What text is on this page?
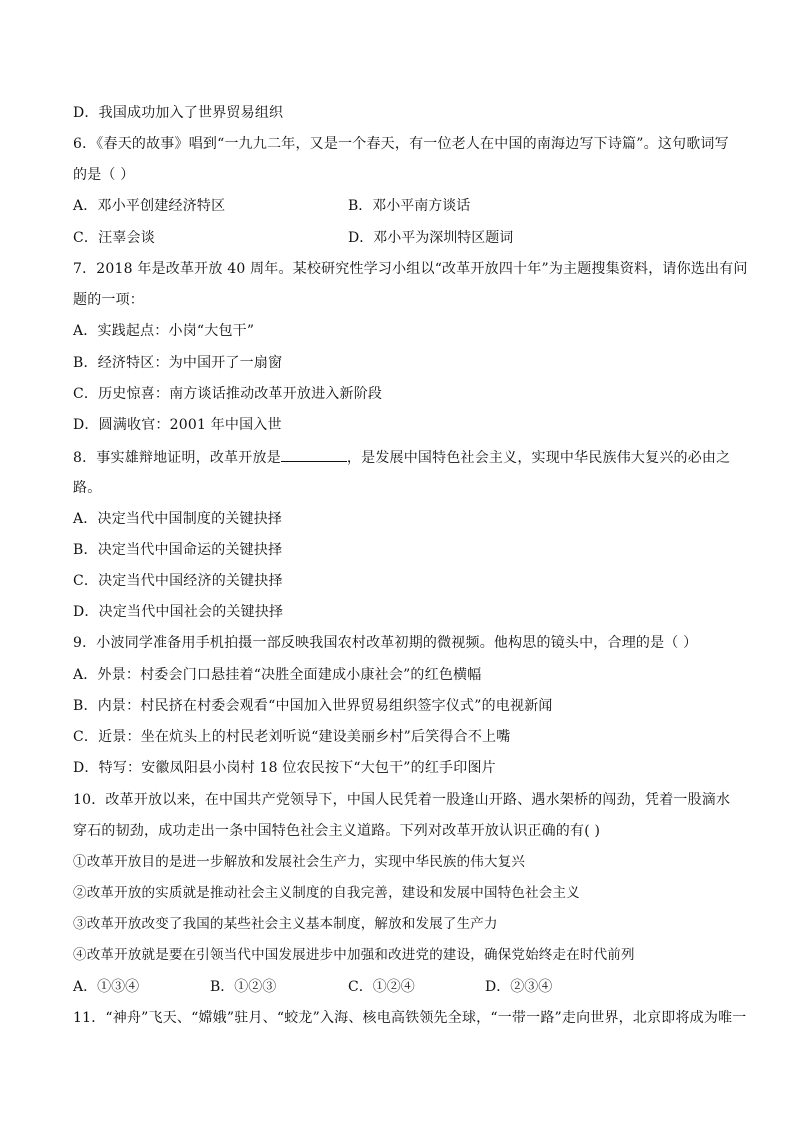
D．我国成功加入了世界贸易组织
6．《春天的故事》唱到“一九九二年，又是一个春天，有一位老人在中国的南海边写下诗篇”。这句歌词写
的是（ ）
A．邓小平创建经济特区	B．邓小平南方谈话
C．汪辜会谈	D．邓小平为深圳特区题词
7．2018 年是改革开放 40 周年。某校研究性学习小组以“改革开放四十年”为主题搜集资料，请你选出有问
题的一项：
A．实践起点：小岗“大包干”
B．经济特区：为中国开了一扇窗
C．历史惊喜：南方谈话推动改革开放进入新阶段
D．圆满收官：2001 年中国入世
8．事实雄辩地证明，改革开放是	，是发展中国特色社会主义，实现中华民族伟大复兴的必由之
路。
A．决定当代中国制度的关键抉择
B．决定当代中国命运的关键抉择
C．决定当代中国经济的关键抉择
D．决定当代中国社会的关键抉择
9．小波同学准备用手机拍摄一部反映我国农村改革初期的微视频。他构思的镜头中，合理的是（ ）
A．外景：村委会门口悬挂着“决胜全面建成小康社会”的红色横幅
B．内景：村民挤在村委会观看“中国加入世界贸易组织签字仪式”的电视新闻
C．近景：坐在炕头上的村民老刘听说“建设美丽乡村”后笑得合不上嘴
D．特写：安徽凤阳县小岗村 18 位农民按下“大包干”的红手印图片
10．改革开放以来，在中国共产党领导下，中国人民凭着一股逢山开路、遇水架桥的闯劲，凭着一股滴水
穿石的韧劲，成功走出一条中国特色社会主义道路。下列对改革开放认识正确的有( )
①改革开放目的是进一步解放和发展社会生产力，实现中华民族的伟大复兴
②改革开放的实质就是推动社会主义制度的自我完善，建设和发展中国特色社会主义
③改革开放改变了我国的某些社会主义基本制度，解放和发展了生产力
④改革开放就是要在引领当代中国发展进步中加强和改进党的建设，确保党始终走在时代前列
A．①③④	B．①②③	C．①②④	D．②③④
11．“神舟”飞天、“嫦娥”驻月、“蛟龙”入海、核电高铁领先全球，“一带一路”走向世界，北京即将成为唯一
